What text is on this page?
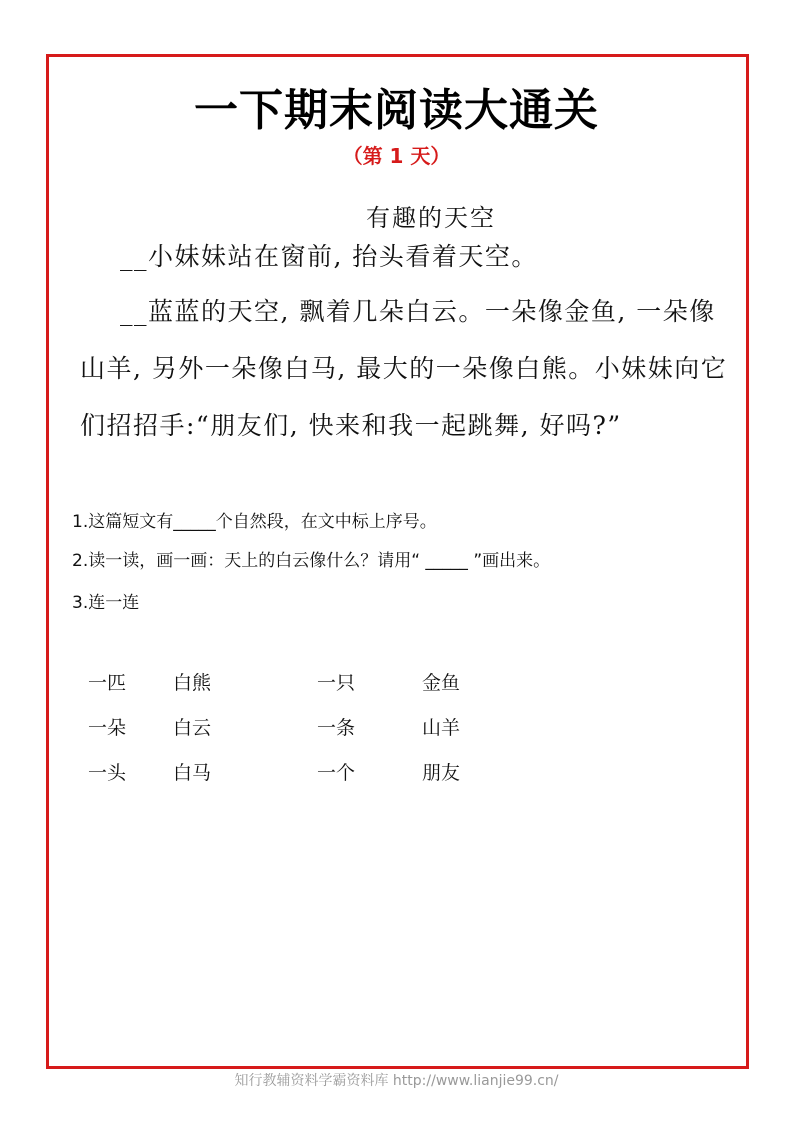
一下期末阅读大通关
（第 1 天）
有趣的天空
__小妹妹站在窗前, 抬头看着天空。
__蓝蓝的天空, 飘着几朵白云。一朵像金鱼, 一朵像山羊, 另外一朵像白马, 最大的一朵像白熊。小妹妹向它们招招手:“朋友们, 快来和我一起跳舞, 好吗?”
1.这篇短文有_____个自然段，在文中标上序号。
2.读一读，画一画：天上的白云像什么？请用“ _____ ”画出来。
3.连一连
一匹 白熊	一只	金鱼
一朵 白云	一条	山羊
一头 白马	一个	朋友
知行教辅资料学霸资料库 http://www.lianjie99.cn/
